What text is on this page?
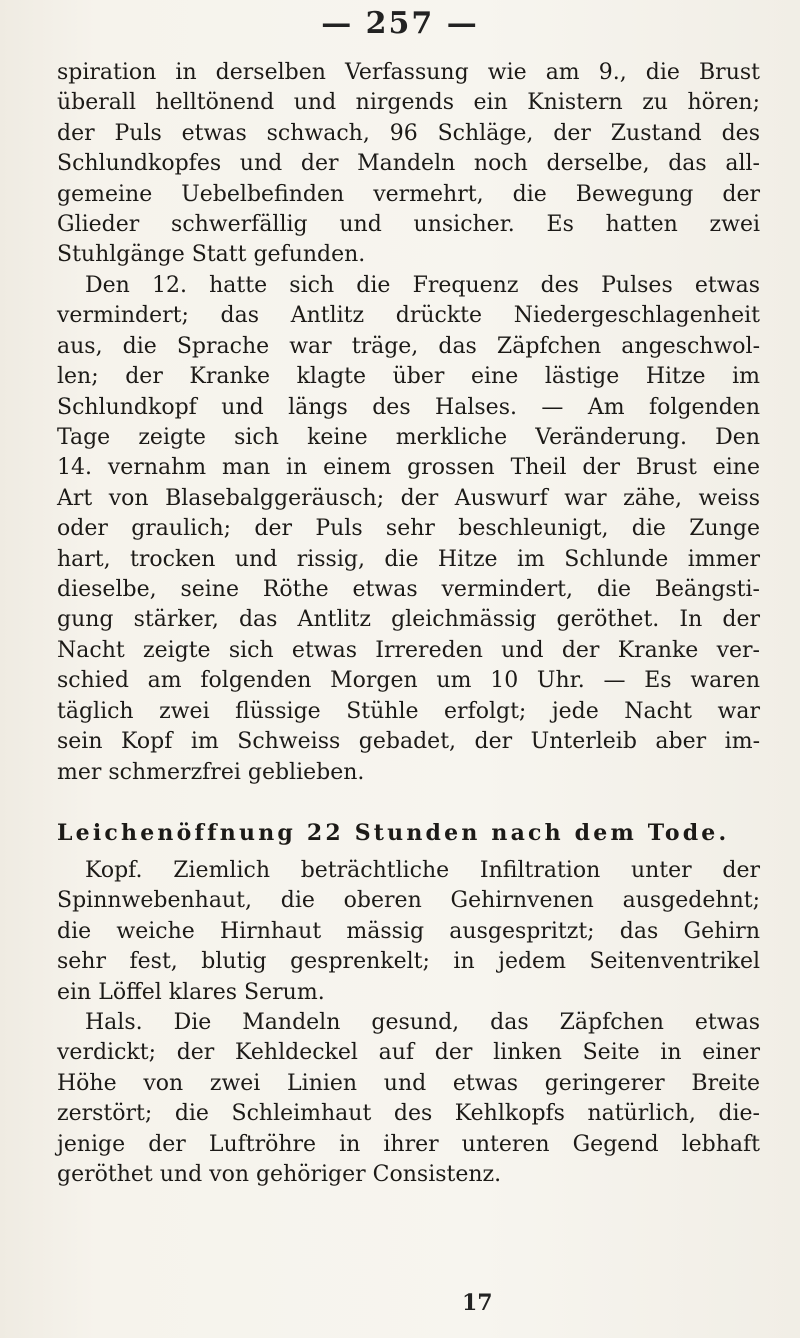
— 257 —
spiration in derselben Verfassung wie am 9., die Brust
überall helltönend und nirgends ein Knistern zu hören;
der Puls etwas schwach, 96 Schläge, der Zustand des
Schlundkopfes und der Mandeln noch derselbe, das all-
gemeine Uebelbefinden vermehrt, die Bewegung der
Glieder schwerfällig und unsicher. Es hatten zwei
Stuhlgänge Statt gefunden.
Den 12. hatte sich die Frequenz des Pulses etwas
vermindert; das Antlitz drückte Niedergeschlagenheit
aus, die Sprache war träge, das Zäpfchen angeschwol-
len; der Kranke klagte über eine lästige Hitze im
Schlundkopf und längs des Halses. — Am folgenden
Tage zeigte sich keine merkliche Veränderung. Den
14. vernahm man in einem grossen Theil der Brust eine
Art von Blasebalggeräusch; der Auswurf war zähe, weiss
oder graulich; der Puls sehr beschleunigt, die Zunge
hart, trocken und rissig, die Hitze im Schlunde immer
dieselbe, seine Röthe etwas vermindert, die Beängsti-
gung stärker, das Antlitz gleichmässig geröthet. In der
Nacht zeigte sich etwas Irrereden und der Kranke ver-
schied am folgenden Morgen um 10 Uhr. — Es waren
täglich zwei flüssige Stühle erfolgt; jede Nacht war
sein Kopf im Schweiss gebadet, der Unterleib aber im-
mer schmerzfrei geblieben.
Leichenöffnung 22 Stunden nach dem Tode.
Kopf. Ziemlich beträchtliche Infiltration unter der
Spinnwebenhaut, die oberen Gehirnvenen ausgedehnt;
die weiche Hirnhaut mässig ausgespritzt; das Gehirn
sehr fest, blutig gesprenkelt; in jedem Seitenventrikel
ein Löffel klares Serum.
Hals. Die Mandeln gesund, das Zäpfchen etwas
verdickt; der Kehldeckel auf der linken Seite in einer
Höhe von zwei Linien und etwas geringerer Breite
zerstört; die Schleimhaut des Kehlkopfs natürlich, die-
jenige der Luftröhre in ihrer unteren Gegend lebhaft
geröthet und von gehöriger Consistenz.
17
